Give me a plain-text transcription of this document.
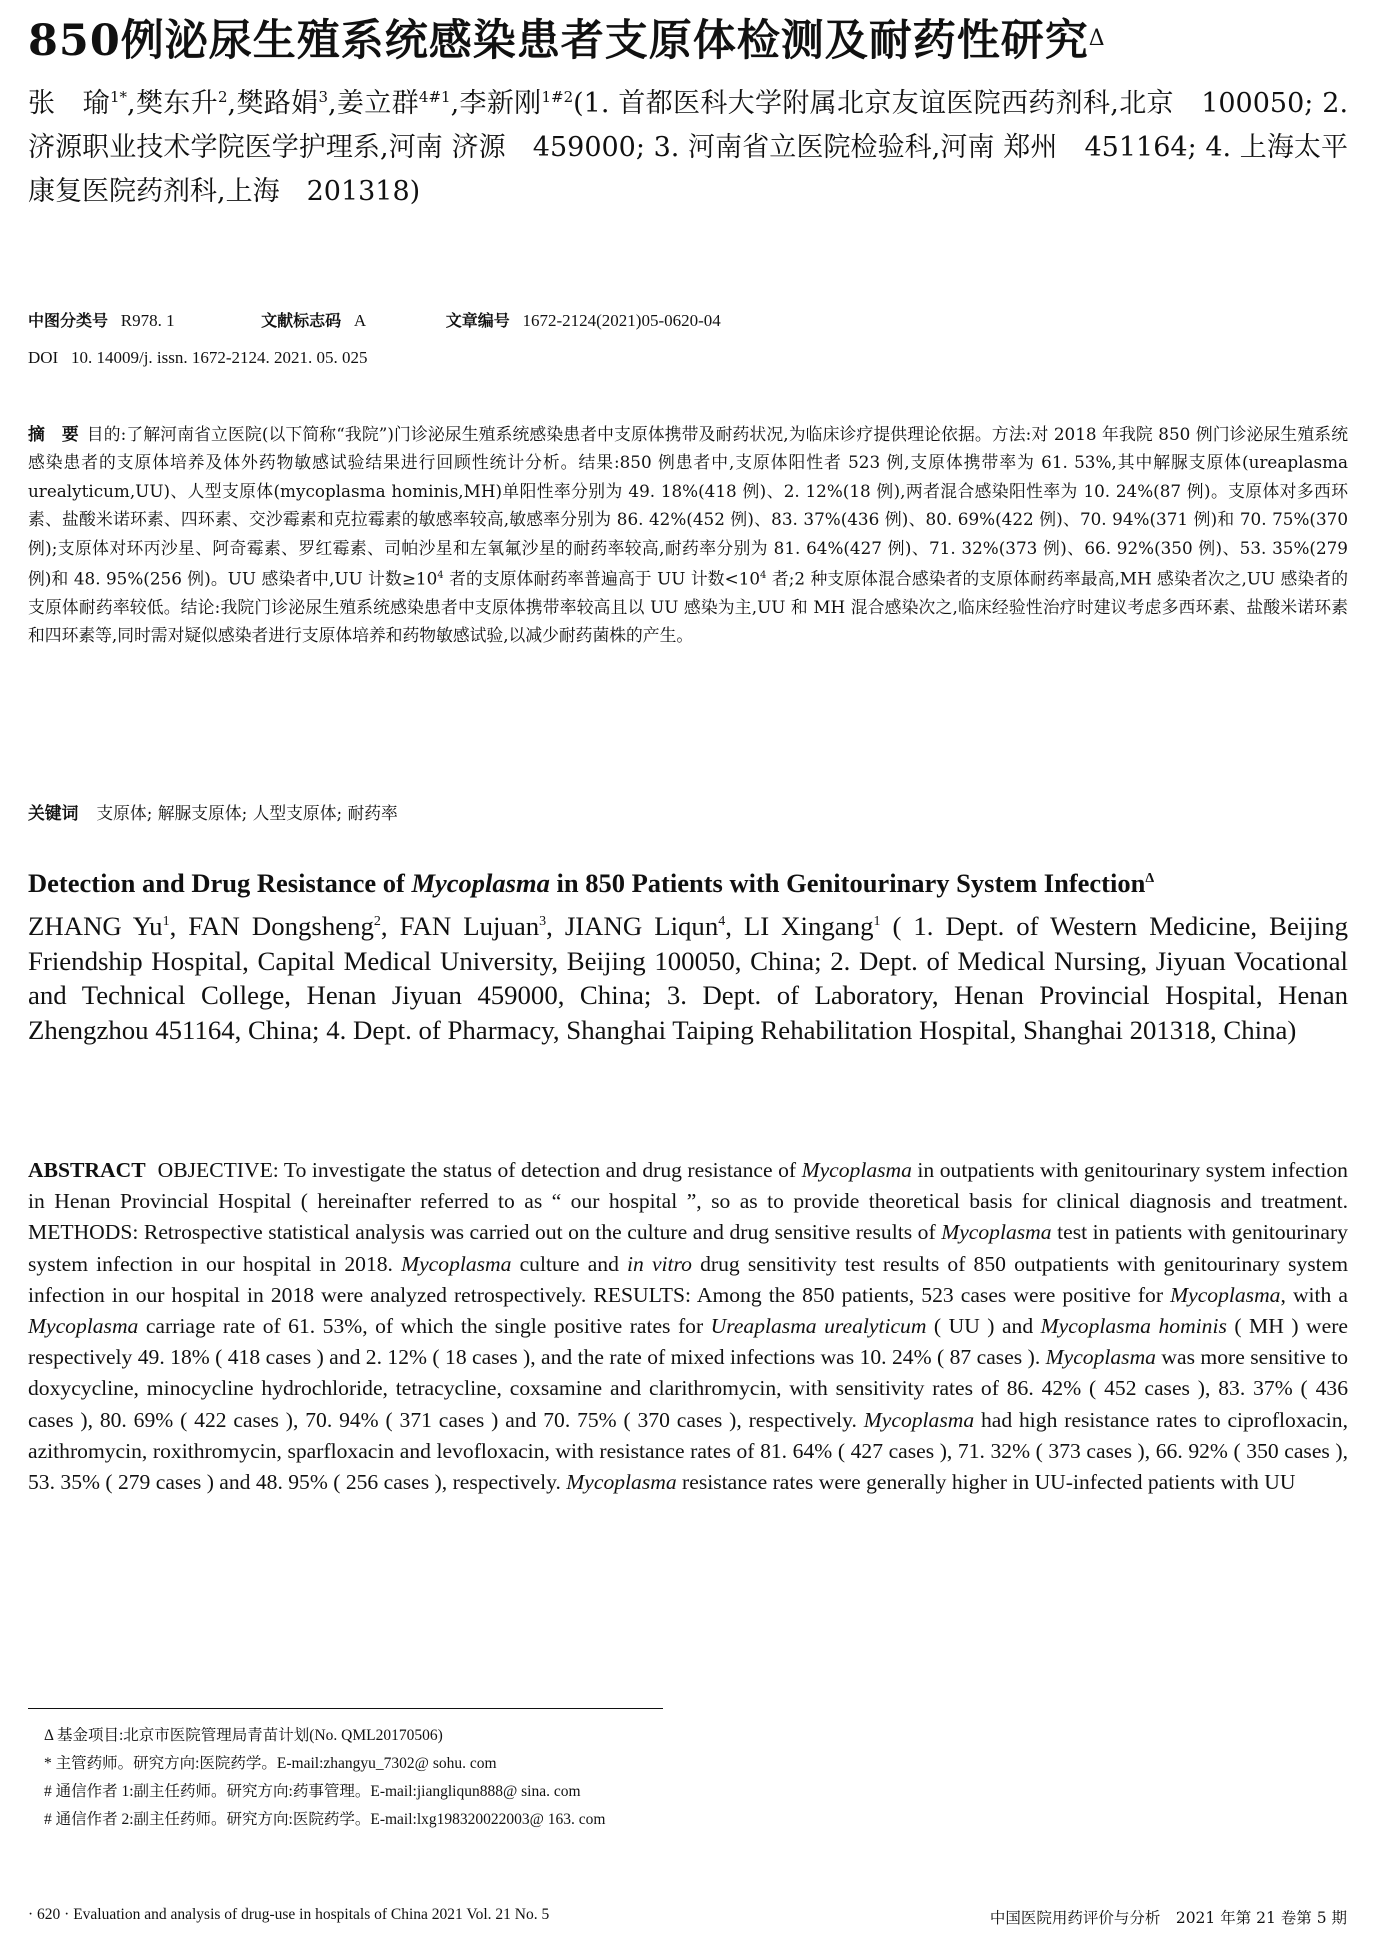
850例泌尿生殖系统感染患者支原体检测及耐药性研究$^\Delta$
张　瑜$^{1*}$,樊东升$^2$,樊路娟$^3$,姜立群$^{4\#1}$,李新刚$^{1\#2}$(1. 首都医科大学附属北京友谊医院西药剂科,北京　100050; 2. 济源职业技术学院医学护理系,河南 济源　459000; 3. 河南省立医院检验科,河南 郑州　451164; 4. 上海太平康复医院药剂科,上海　201318)
中图分类号 R978. 1	文献标志码 A	文章编号 1672-2124(2021)05-0620-04
DOI 10. 14009/j. issn. 1672-2124. 2021. 05. 025
摘　要 目的:了解河南省立医院(以下简称“我院”)门诊泌尿生殖系统感染患者中支原体携带及耐药状况,为临床诊疗提供理论依据。方法:对 2018 年我院 850 例门诊泌尿生殖系统感染患者的支原体培养及体外药物敏感试验结果进行回顾性统计分析。结果:850 例患者中,支原体阳性者 523 例,支原体携带率为 61. 53%,其中解脲支原体(ureaplasma urealyticum,UU)、人型支原体(mycoplasma hominis,MH)单阳性率分别为 49. 18%(418 例)、2. 12%(18 例),两者混合感染阳性率为 10. 24%(87 例)。支原体对多西环素、盐酸米诺环素、四环素、交沙霉素和克拉霉素的敏感率较高,敏感率分别为 86. 42%(452 例)、83. 37%(436 例)、80. 69%(422 例)、70. 94%(371 例)和 70. 75%(370 例);支原体对环丙沙星、阿奇霉素、罗红霉素、司帕沙星和左氧氟沙星的耐药率较高,耐药率分别为 81. 64%(427 例)、71. 32%(373 例)、66. 92%(350 例)、53. 35%(279 例)和 48. 95%(256 例)。UU 感染者中,UU 计数$\ge 10^4$ 者的支原体耐药率普遍高于 UU 计数$<10^4$ 者;2 种支原体混合感染者的支原体耐药率最高,MH 感染者次之,UU 感染者的支原体耐药率较低。结论:我院门诊泌尿生殖系统感染患者中支原体携带率较高且以 UU 感染为主,UU 和 MH 混合感染次之,临床经验性治疗时建议考虑多西环素、盐酸米诺环素和四环素等,同时需对疑似感染者进行支原体培养和药物敏感试验,以减少耐药菌株的产生。
关键词 支原体; 解脲支原体; 人型支原体; 耐药率
Detection and Drug Resistance of Mycoplasma in 850 Patients with Genitourinary System Infection$^\Delta$
ZHANG Yu$^1$, FAN Dongsheng$^2$, FAN Lujuan$^3$, JIANG Liqun$^4$, LI Xingang$^1$ ( 1. Dept. of Western Medicine, Beijing Friendship Hospital, Capital Medical University, Beijing 100050, China; 2. Dept. of Medical Nursing, Jiyuan Vocational and Technical College, Henan Jiyuan 459000, China; 3. Dept. of Laboratory, Henan Provincial Hospital, Henan Zhengzhou 451164, China; 4. Dept. of Pharmacy, Shanghai Taiping Rehabilitation Hospital, Shanghai 201318, China)
ABSTRACT OBJECTIVE: To investigate the status of detection and drug resistance of Mycoplasma in outpatients with genitourinary system infection in Henan Provincial Hospital ( hereinafter referred to as “ our hospital ”, so as to provide theoretical basis for clinical diagnosis and treatment. METHODS: Retrospective statistical analysis was carried out on the culture and drug sensitive results of Mycoplasma test in patients with genitourinary system infection in our hospital in 2018. Mycoplasma culture and in vitro drug sensitivity test results of 850 outpatients with genitourinary system infection in our hospital in 2018 were analyzed retrospectively. RESULTS: Among the 850 patients, 523 cases were positive for Mycoplasma, with a Mycoplasma carriage rate of 61. 53%, of which the single positive rates for Ureaplasma urealyticum ( UU ) and Mycoplasma hominis ( MH ) were respectively 49. 18% ( 418 cases ) and 2. 12% ( 18 cases ), and the rate of mixed infections was 10. 24% ( 87 cases ). Mycoplasma was more sensitive to doxycycline, minocycline hydrochloride, tetracycline, coxsamine and clarithromycin, with sensitivity rates of 86. 42% ( 452 cases ), 83. 37% ( 436 cases ), 80. 69% ( 422 cases ), 70. 94% ( 371 cases ) and 70. 75% ( 370 cases ), respectively. Mycoplasma had high resistance rates to ciprofloxacin, azithromycin, roxithromycin, sparfloxacin and levofloxacin, with resistance rates of 81. 64% ( 427 cases ), 71. 32% ( 373 cases ), 66. 92% ( 350 cases ), 53. 35% ( 279 cases ) and 48. 95% ( 256 cases ), respectively. Mycoplasma resistance rates were generally higher in UU-infected patients with UU
Δ 基金项目:北京市医院管理局青苗计划(No. QML20170506)
* 主管药师。研究方向:医院药学。E-mail:zhangyu_7302@ sohu. com
# 通信作者 1:副主任药师。研究方向:药事管理。E-mail:jiangliqun888@ sina. com
# 通信作者 2:副主任药师。研究方向:医院药学。E-mail:lxg198320022003@ 163. com
· 620 · Evaluation and analysis of drug-use in hospitals of China 2021 Vol. 21 No. 5	中国医院用药评价与分析　2021 年第 21 卷第 5 期
